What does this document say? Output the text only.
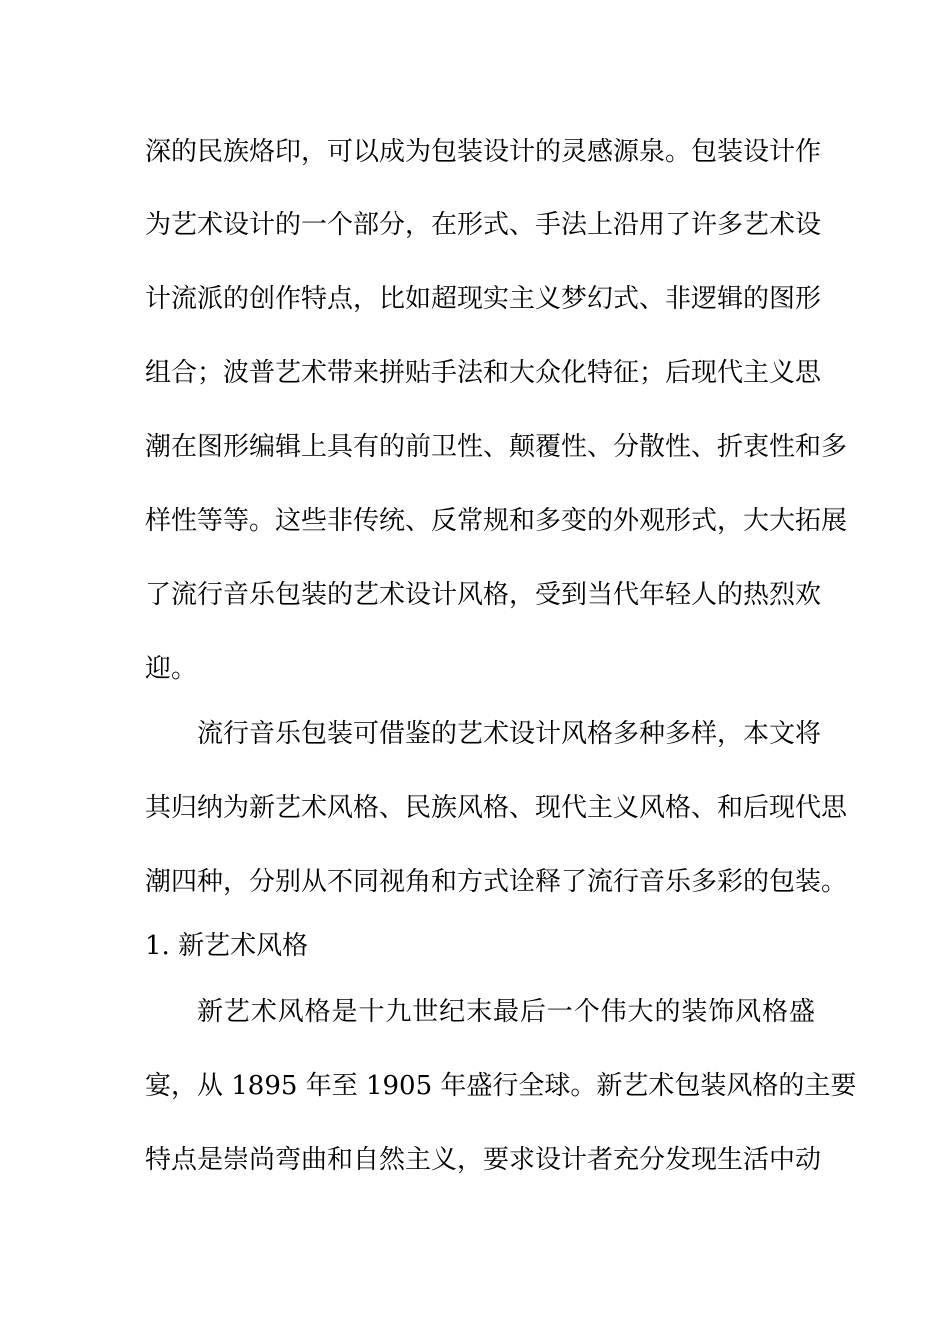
深的民族烙印，可以成为包装设计的灵感源泉。包装设计作
为艺术设计的一个部分，在形式、手法上沿用了许多艺术设
计流派的创作特点，比如超现实主义梦幻式、非逻辑的图形
组合；波普艺术带来拼贴手法和大众化特征；后现代主义思
潮在图形编辑上具有的前卫性、颠覆性、分散性、折衷性和多
样性等等。这些非传统、反常规和多变的外观形式，大大拓展
了流行音乐包装的艺术设计风格，受到当代年轻人的热烈欢
迎。
流行音乐包装可借鉴的艺术设计风格多种多样，本文将
其归纳为新艺术风格、民族风格、现代主义风格、和后现代思
潮四种，分别从不同视角和方式诠释了流行音乐多彩的包装。
1. 新艺术风格
新艺术风格是十九世纪末最后一个伟大的装饰风格盛
宴，从 1895 年至 1905 年盛行全球。新艺术包装风格的主要
特点是崇尚弯曲和自然主义，要求设计者充分发现生活中动
